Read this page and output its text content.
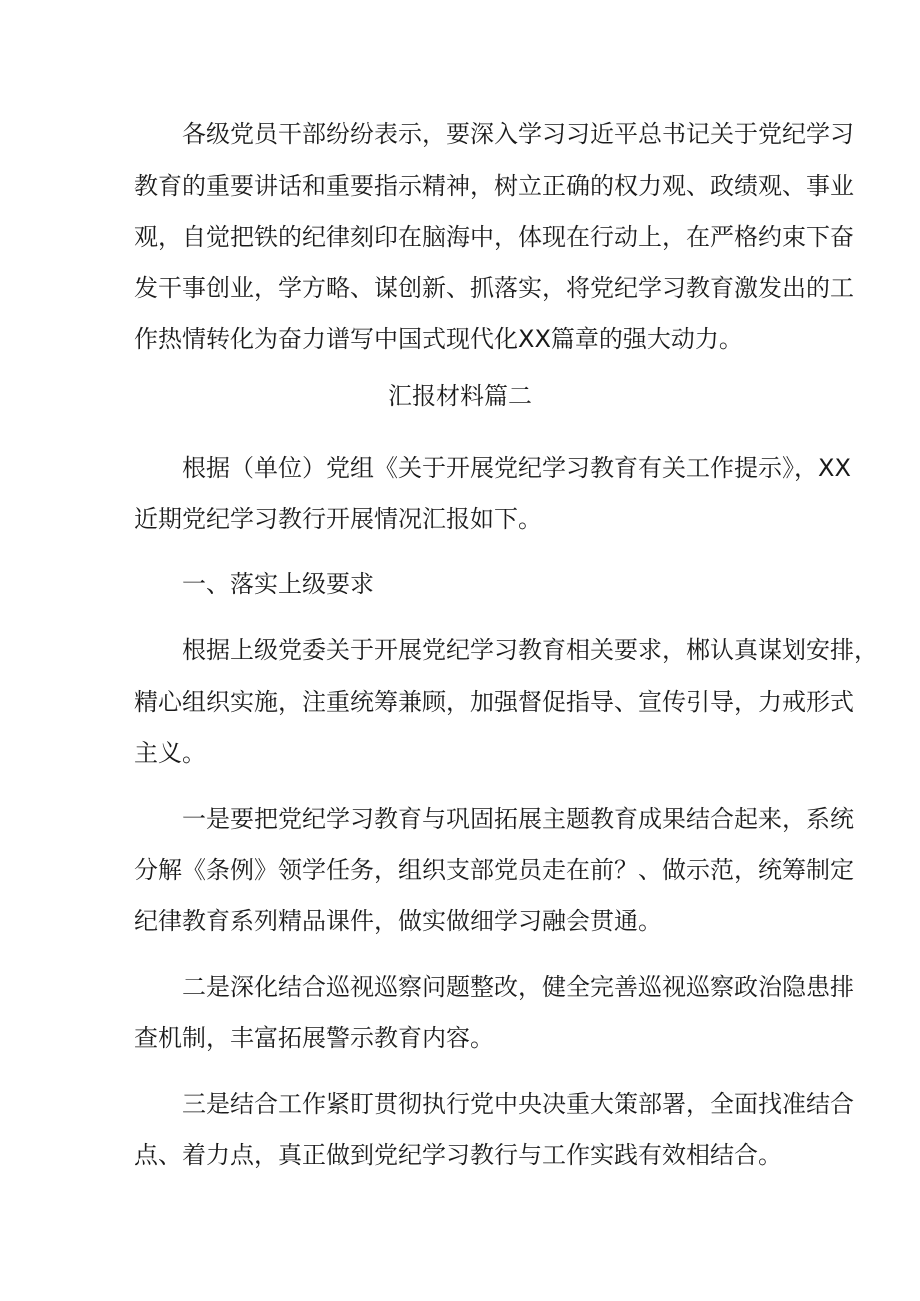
各级党员干部纷纷表示，要深入学习习近平总书记关于党纪学习
教育的重要讲话和重要指示精神，树立正确的权力观、政绩观、事业
观，自觉把铁的纪律刻印在脑海中，体现在行动上，在严格约束下奋
发干事创业，学方略、谋创新、抓落实，将党纪学习教育激发出的工
作热情转化为奋力谱写中国式现代化XX篇章的强大动力。
汇报材料篇二
根据（单位）党组《关于开展党纪学习教育有关工作提示》，XX
近期党纪学习教行开展情况汇报如下。
一、落实上级要求
根据上级党委关于开展党纪学习教育相关要求，郴认真谋划安排，
精心组织实施，注重统筹兼顾，加强督促指导、宣传引导，力戒形式
主义。
一是要把党纪学习教育与巩固拓展主题教育成果结合起来，系统
分解《条例》领学任务，组织支部党员走在前？、做示范，统筹制定
纪律教育系列精品课件，做实做细学习融会贯通。
二是深化结合巡视巡察问题整改，健全完善巡视巡察政治隐患排
查机制，丰富拓展警示教育内容。
三是结合工作紧盯贯彻执行党中央决重大策部署，全面找准结合
点、着力点，真正做到党纪学习教行与工作实践有效相结合。
